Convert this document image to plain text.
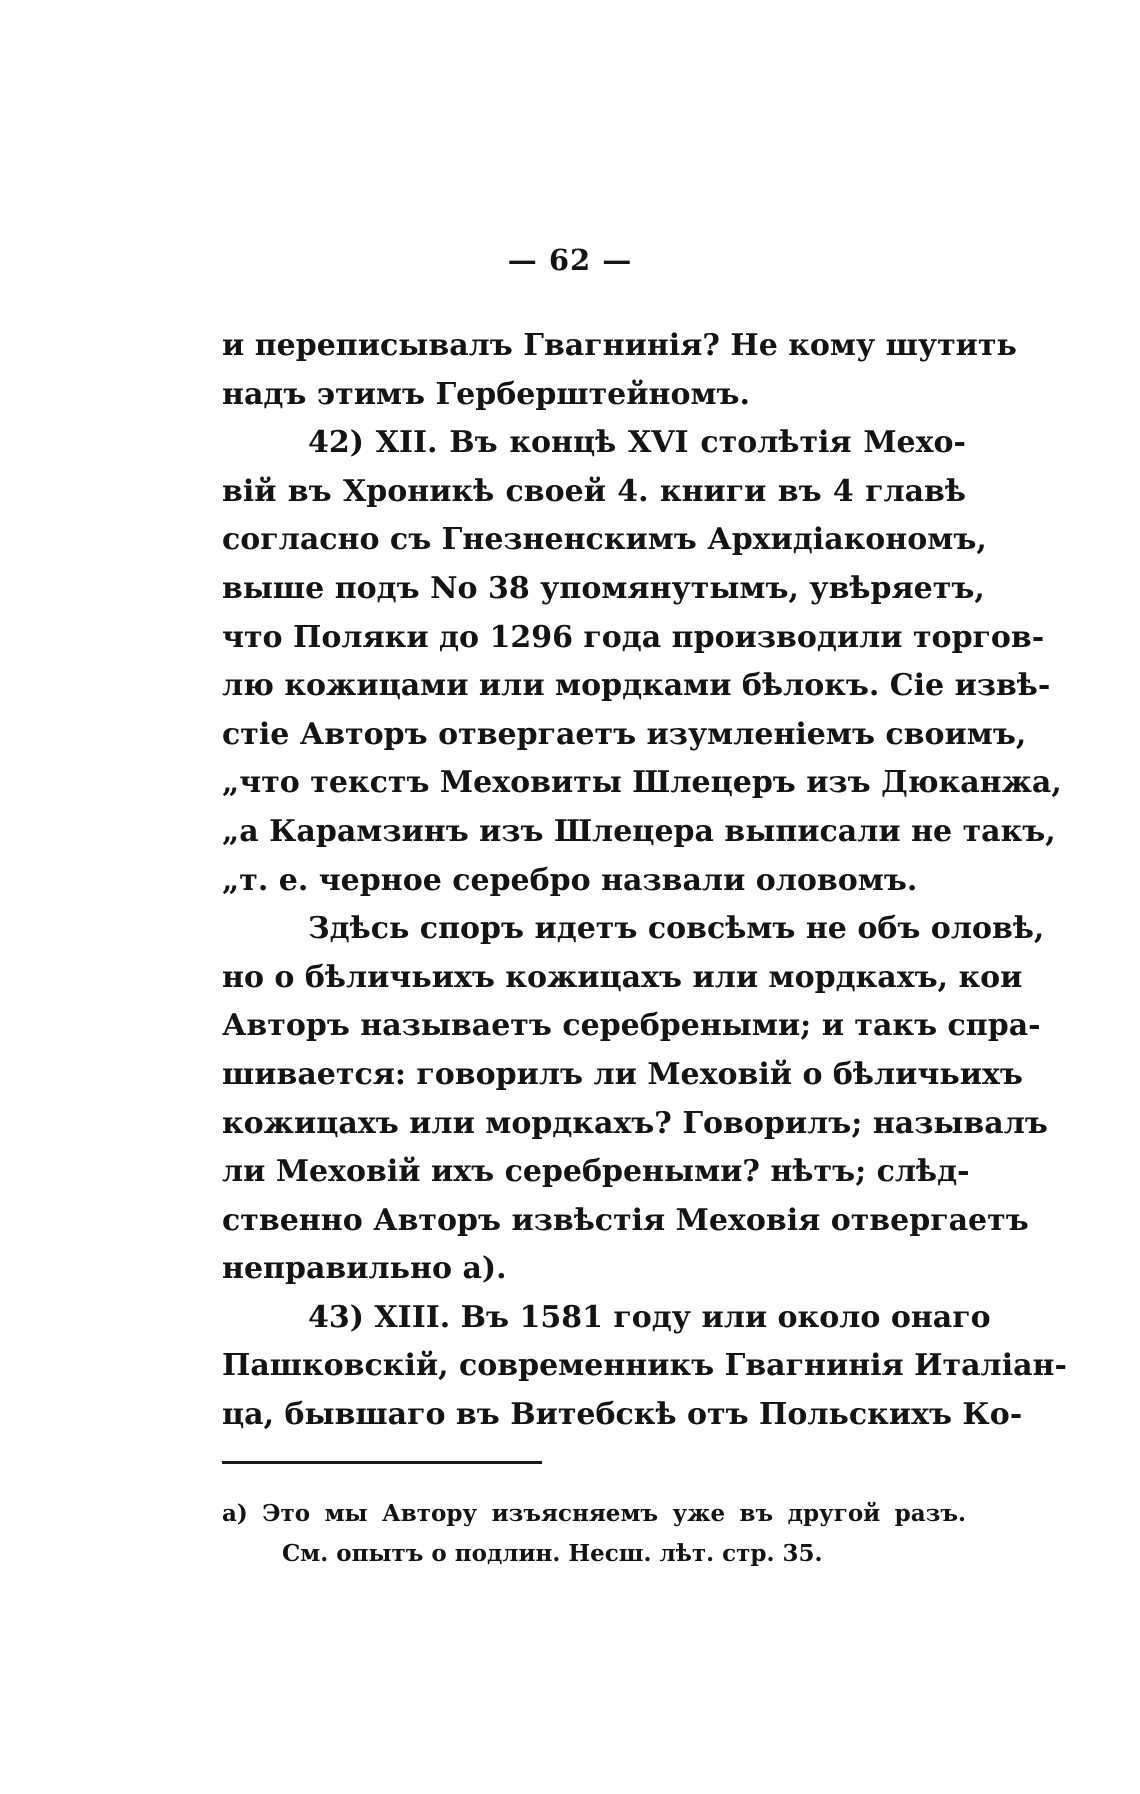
— 62 —
и переписывалъ Гвагнинія? Не кому шутить
надъ этимъ Герберштейномъ.
42) XII. Въ концѣ XVI столѣтія Мехо-
вій въ Хроникѣ своей 4. книги въ 4 главѣ
согласно съ Гнезненскимъ Архидіакономъ,
выше подъ No 38 упомянутымъ, увѣряетъ,
что Поляки до 1296 года производили торгов-
лю кожицами или мордками бѣлокъ. Сіе извѣ-
стіе Авторъ отвергаетъ изумленіемъ своимъ,
„что текстъ Меховиты Шлецеръ изъ Дюканжа,
„а Карамзинъ изъ Шлецера выписали не такъ,
„т. е. черное серебро назвали оловомъ.
Здѣсь споръ идетъ совсѣмъ не объ оловѣ,
но о бѣличьихъ кожицахъ или мордкахъ, кои
Авторъ называетъ серебреными; и такъ спра-
шивается: говорилъ ли Меховій о бѣличьихъ
кожицахъ или мордкахъ? Говорилъ; называлъ
ли Меховій ихъ серебреными? нѣтъ; слѣд-
ственно Авторъ извѣстія Меховія отвергаетъ
неправильно а).
43) XIII. Въ 1581 году или около онаго
Пашковскій, современникъ Гвагнинія Италіан-
ца, бывшаго въ Витебскѣ отъ Польскихъ Ко-
а) Это мы Автору изъясняемъ уже въ другой разъ.
См. опытъ о подлин. Несш. лѣт. стр. 35.
